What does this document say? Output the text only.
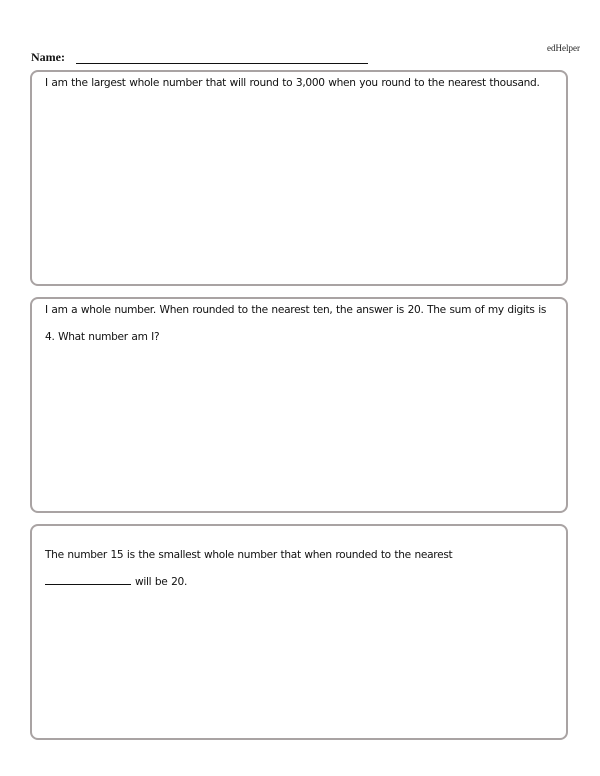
edHelper
Name:
I am the largest whole number that will round to 3,000 when you round to the nearest thousand.
I am a whole number. When rounded to the nearest ten, the answer is 20. The sum of my digits is 4. What number am I?
The number 15 is the smallest whole number that when rounded to the nearest
will be 20.
